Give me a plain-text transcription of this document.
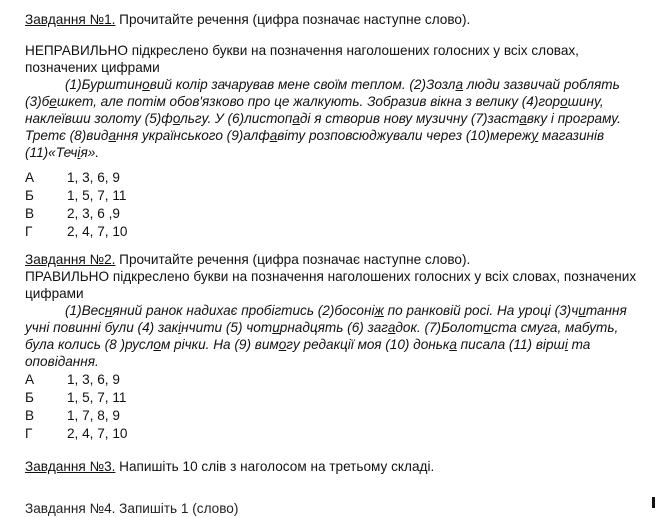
Завдання №1. Прочитайте речення (цифра позначає наступне слово).

НЕПРАВИЛЬНО підкреслено букви на позначення наголошених голосних у всіх словах, позначених цифрами

(1)Бурштиновий колір зачарував мене своїм теплом. (2)Зозла люди зазвичай роблять (3)бешкет, але потім обов'язково про це жалкують. Зобразив вікна з велику (4)горошину, наклеївши золоту (5)фольгу. У (6)листопаді я створив нову музичну (7)заставку і програму. Третє (8)видання українського (9)алфавіту розповсюджували через (10)мережу магазинів (11)«Течія».

А	1, 3, 6, 9
Б	1, 5, 7, 11
В	2, 3, 6 ,9
Г	2, 4, 7, 10

Завдання №2. Прочитайте речення (цифра позначає наступне слово).

ПРАВИЛЬНО підкреслено букви на позначення наголошених голосних у всіх словах, позначених цифрами

(1)Весняний ранок надихає пробігтись (2)босоніж по ранковій росі. На уроці (3)читання учні повинні були (4) закінчити (5) чотирнадцять (6) загадок. (7)Болотиста смуга, мабуть, була колись (8 )руслом річки. На (9) вимогу редакції моя (10) донька писала (11) вірші та оповідання.

А	1, 3, 6, 9
Б	1, 5, 7, 11
В	1, 7, 8, 9
Г	2, 4, 7, 10

Завдання №3. Напишіть 10 слів з наголосом на третьому складі.

Завдання №4. Запишіть 1 (слово)
